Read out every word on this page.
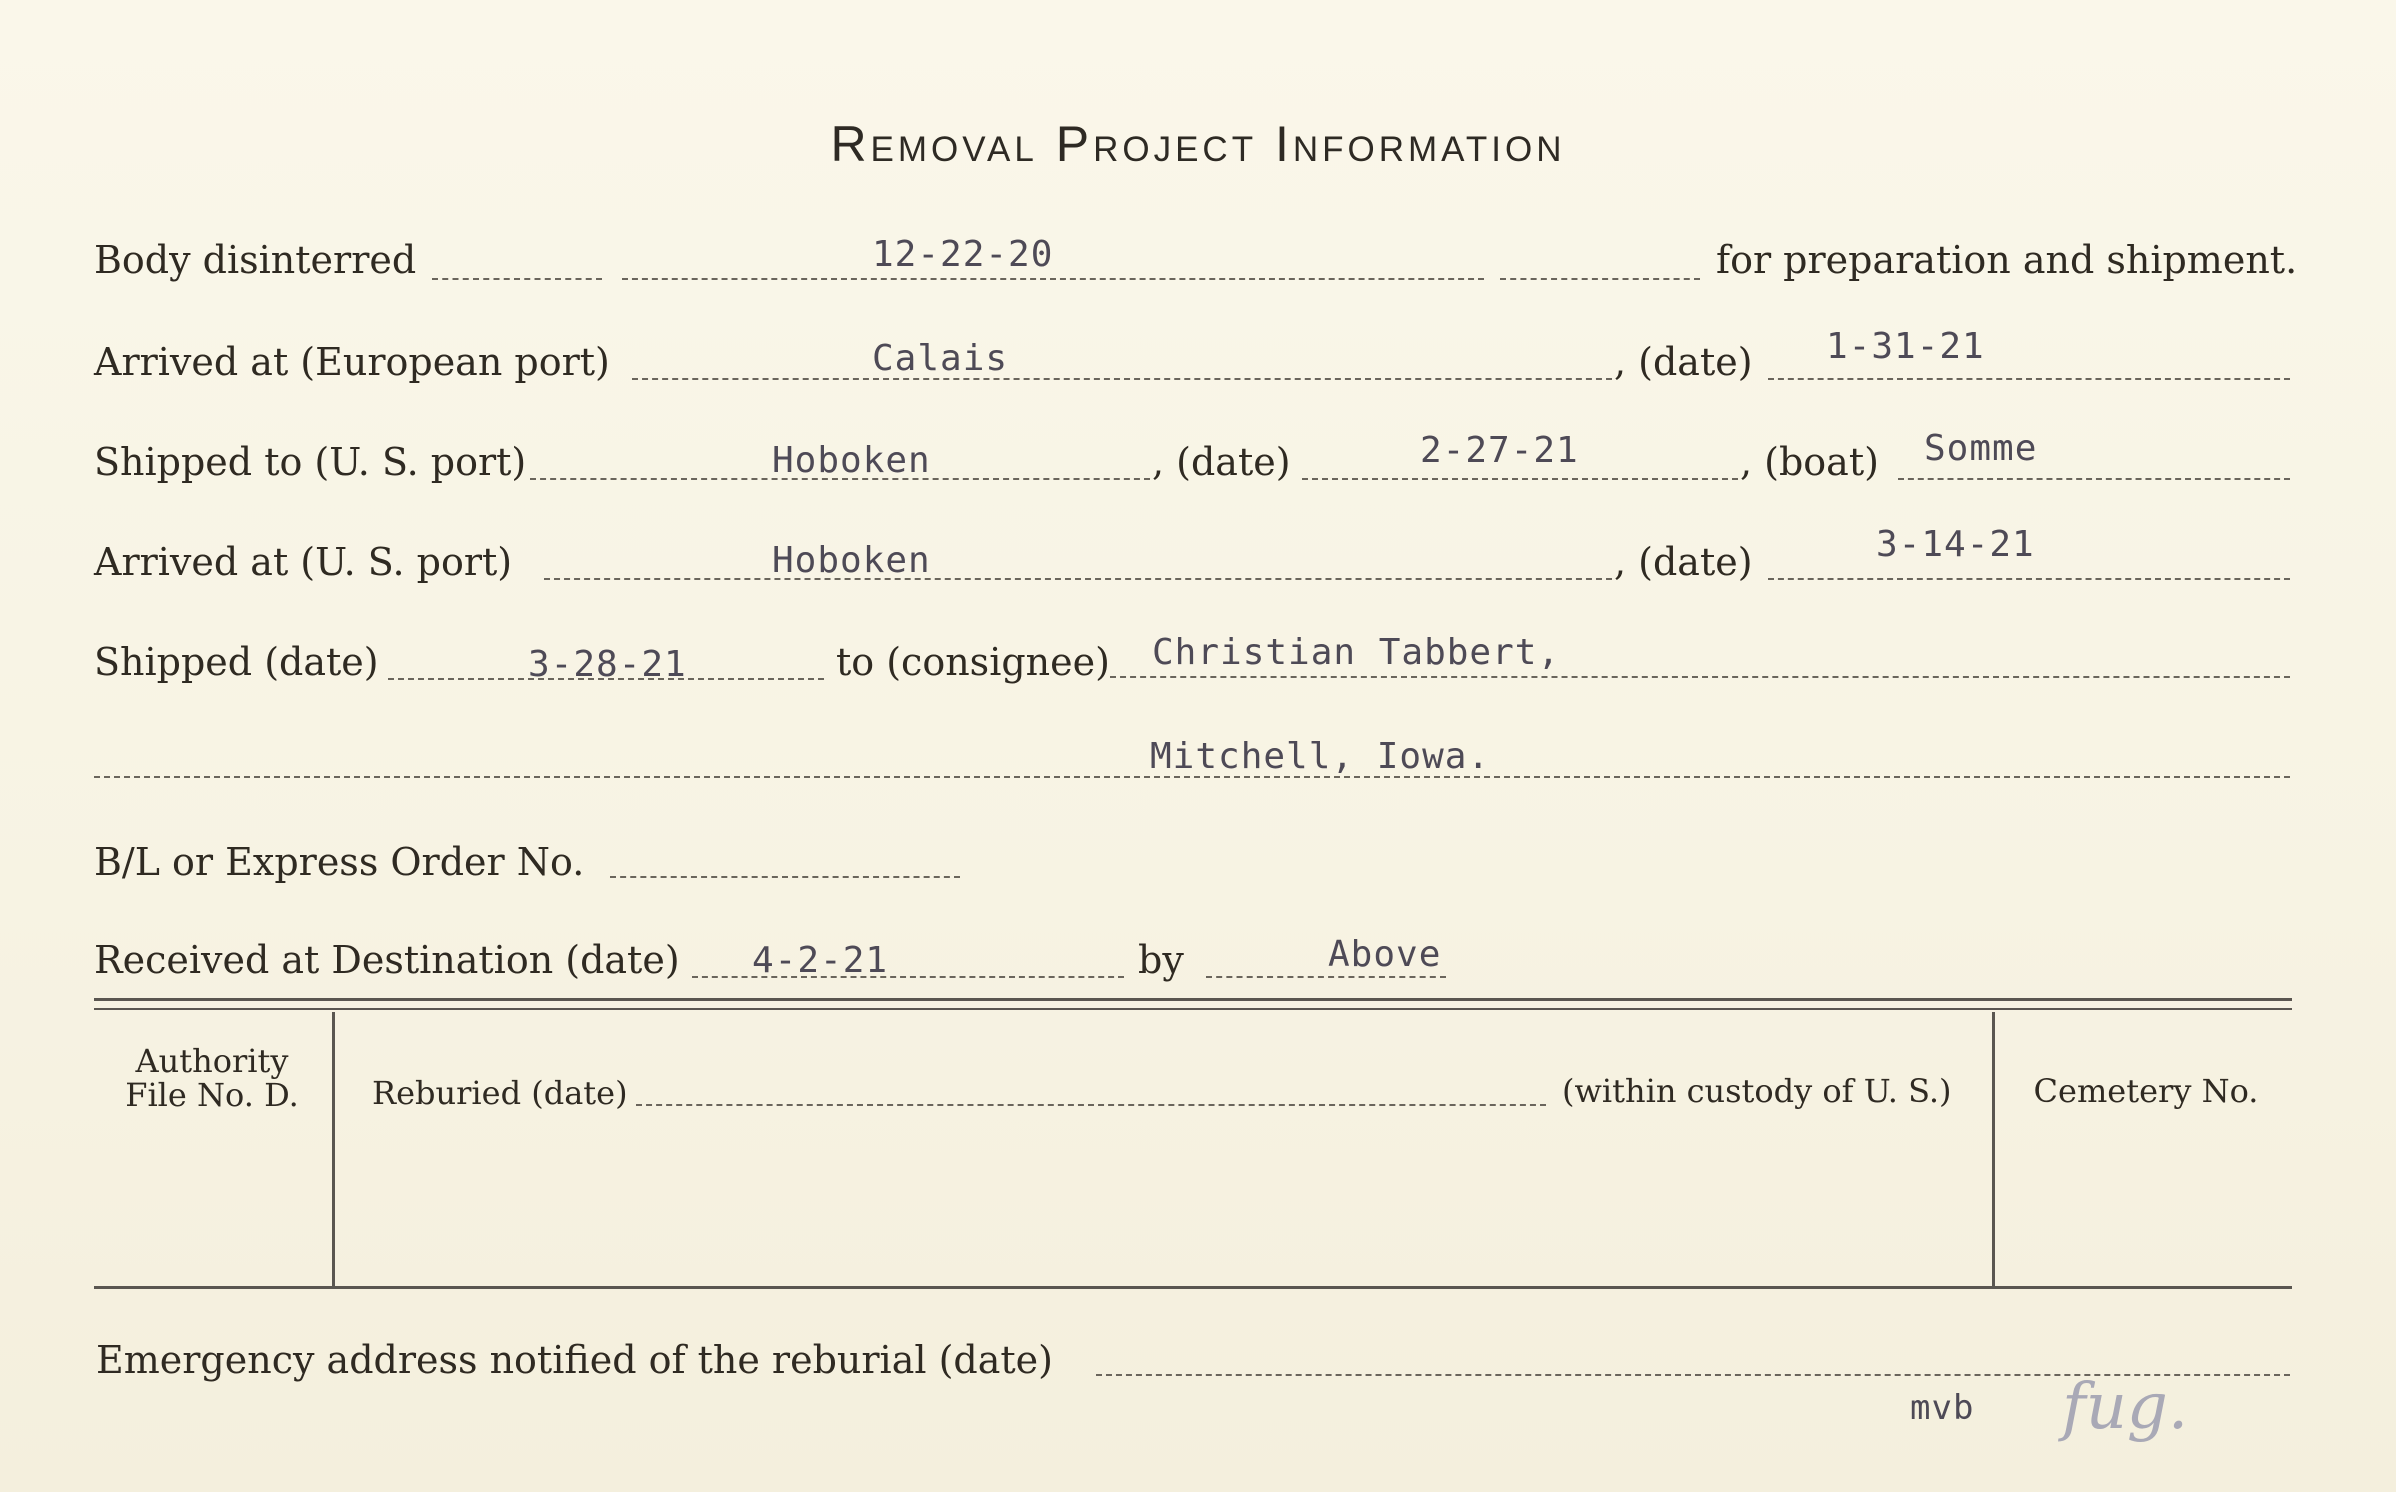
Removal Project Information
Body disinterred	12-22-20	for preparation and shipment.
Arrived at (European port)	Calais	, (date) 1-31-21
Shipped to (U. S. port)	Hoboken	, (date)	2-27-21	, (boat) Somme
Arrived at (U. S. port)	Hoboken	, (date)	3-14-21
Shipped (date)	3-28-21	to (consignee) Christian Tabbert,
Mitchell, Iowa.
B/L or Express Order No.
Received at Destination (date) 4-2-21	by	Above
Authority
File No. D.	Reburied (date)	(within custody of U. S.)	Cemetery No.
Emergency address notified of the reburial (date)
mvb fug.
